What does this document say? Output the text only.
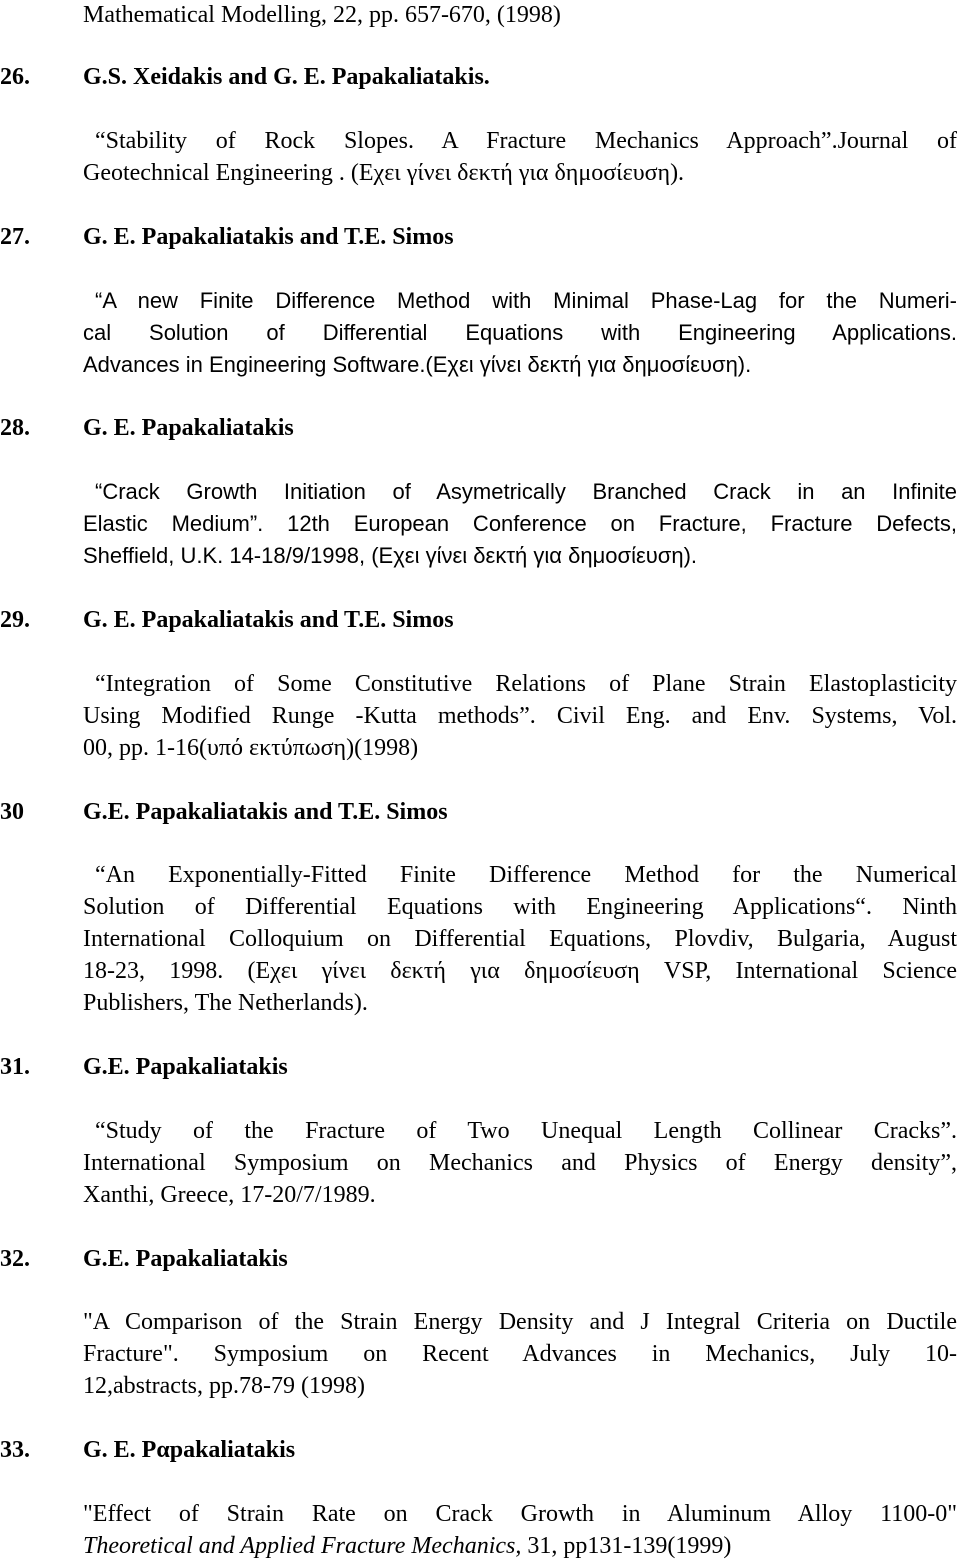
Mathematical Modelling, 22, pp. 657-670, (1998)
26. G.S. Xeidakis and G. E. Papakaliatakis.
“Stability of Rock Slopes. A Fracture Mechanics Approach”.Journal of
Geotechnical Engineering . (Εχει γίνει δεκτή για δημοσίευση).
27. G. E. Papakaliatakis and T.E. Simos
“A new Finite Difference Method with Minimal Phase-Lag for the Numeri-
cal Solution of Differential Equations with Engineering Applications.
Advances in Engineering Software.(Εχει γίνει δεκτή για δημοσίευση).
28. G. E. Papakaliatakis
“Crack Growth Initiation of Asymetrically Branched Crack in an Infinite
Elastic Medium”. 12th European Conference on Fracture, Fracture Defects,
Sheffield, U.K. 14-18/9/1998, (Εχει γίνει δεκτή για δημοσίευση).
29. G. E. Papakaliatakis and T.E. Simos
“Integration of Some Constitutive Relations of Plane Strain Elastoplasticity
Using Modified Runge -Kutta methods”. Civil Eng. and Env. Systems, Vol.
00, pp. 1-16(υπό εκτύπωση)(1998)
30 G.E. Papakaliatakis and T.E. Simos
“An Exponentially-Fitted Finite Difference Method for the Numerical
Solution of Differential Equations with Engineering Applications“. Ninth
International Colloquium on Differential Equations, Plovdiv, Bulgaria, August
18-23, 1998. (Εχει γίνει δεκτή για δημοσίευση VSP, International Science
Publishers, The Netherlands).
31. G.E. Papakaliatakis
“Study of the Fracture of Two Unequal Length Collinear Cracks”.
International Symposium on Mechanics and Physics of Energy density”,
Xanthi, Greece, 17-20/7/1989.
32. G.E. Papakaliatakis
"A Comparison of the Strain Energy Density and J Integral Criteria on Ductile
Fracture". Symposium on Recent Advances in Mechanics, July 10-
12,abstracts, pp.78-79 (1998)
33. G. E. Pαpakaliatakis
"Effect of Strain Rate on Crack Growth in Aluminum Alloy 1100-0"
Theoretical and Applied Fracture Mechanics, 31, pp131-139(1999)
